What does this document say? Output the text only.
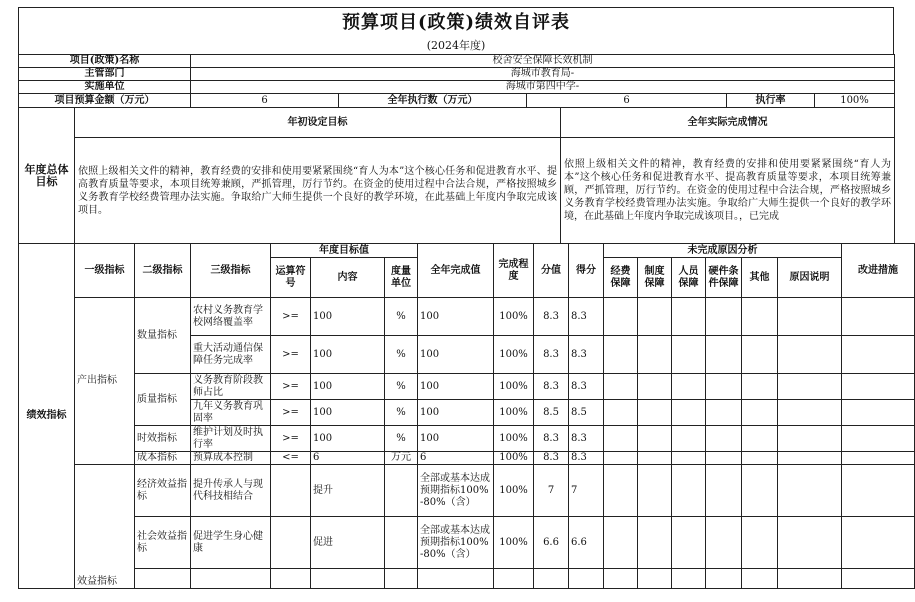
预算项目(政策)绩效自评表
(2024年度)
项目(政策)名称	校舍安全保障长效机制				
主管部门	海城市教育局-				
实施单位	海城市第四中学-				
项目预算金额（万元）	6	全年执行数（万元）	6	执行率	100%
年度总体目标	年初设定目标	全年实际完成情况
	依照上级相关文件的精神，教育经费的安排和使用要紧紧围绕“育人为本”这个核心任务和促进教育水平、提高教育质量等要求，本项目统筹兼顾，严抓管理，厉行节约。在资金的使用过程中合法合规，严格按照城乡义务教育学校经费管理办法实施。争取给广大师生提供一个良好的教学环境，在此基础上年度内争取完成该项目。	依照上级相关文件的精神，教育经费的安排和使用要紧紧围绕“育人为本”这个核心任务和促进教育水平、提高教育质量等要求，本项目统筹兼顾，严抓管理，厉行节约。在资金的使用过程中合法合规，严格按照城乡义务教育学校经费管理办法实施。争取给广大师生提供一个良好的教学环境，在此基础上年度内争取完成该项目。，已完成
绩效指标	一级指标	二级指标	三级指标	年度目标值			全年完成值	完成程度	分值	得分	未完成原因分析						改进措施
				运算符号	内容	度量单位					经费保障	制度保障	人员保障	硬件条件保障	其他	原因说明	
	产出指标	数量指标	农村义务教育学校网络覆盖率	>=	100	%	100	100%	8.3	8.3							
			重大活动通信保障任务完成率	>=	100	%	100	100%	8.3	8.3							
		质量指标	义务教育阶段教师占比	>=	100	%	100	100%	8.3	8.3							
			九年义务教育巩固率	>=	100	%	100	100%	8.5	8.5							
		时效指标	维护计划及时执行率	>=	100	%	100	100%	8.3	8.3							
		成本指标	预算成本控制	<=	6	万元	6	100%	8.3	8.3							
	效益指标	经济效益指标	提升传承人与现代科技相结合		提升		全部或基本达成预期指标100%-80%（含）	100%	7	7							
		社会效益指标	促进学生身心健康		促进		全部或基本达成预期指标100%-80%（含）	100%	6.6	6.6							
